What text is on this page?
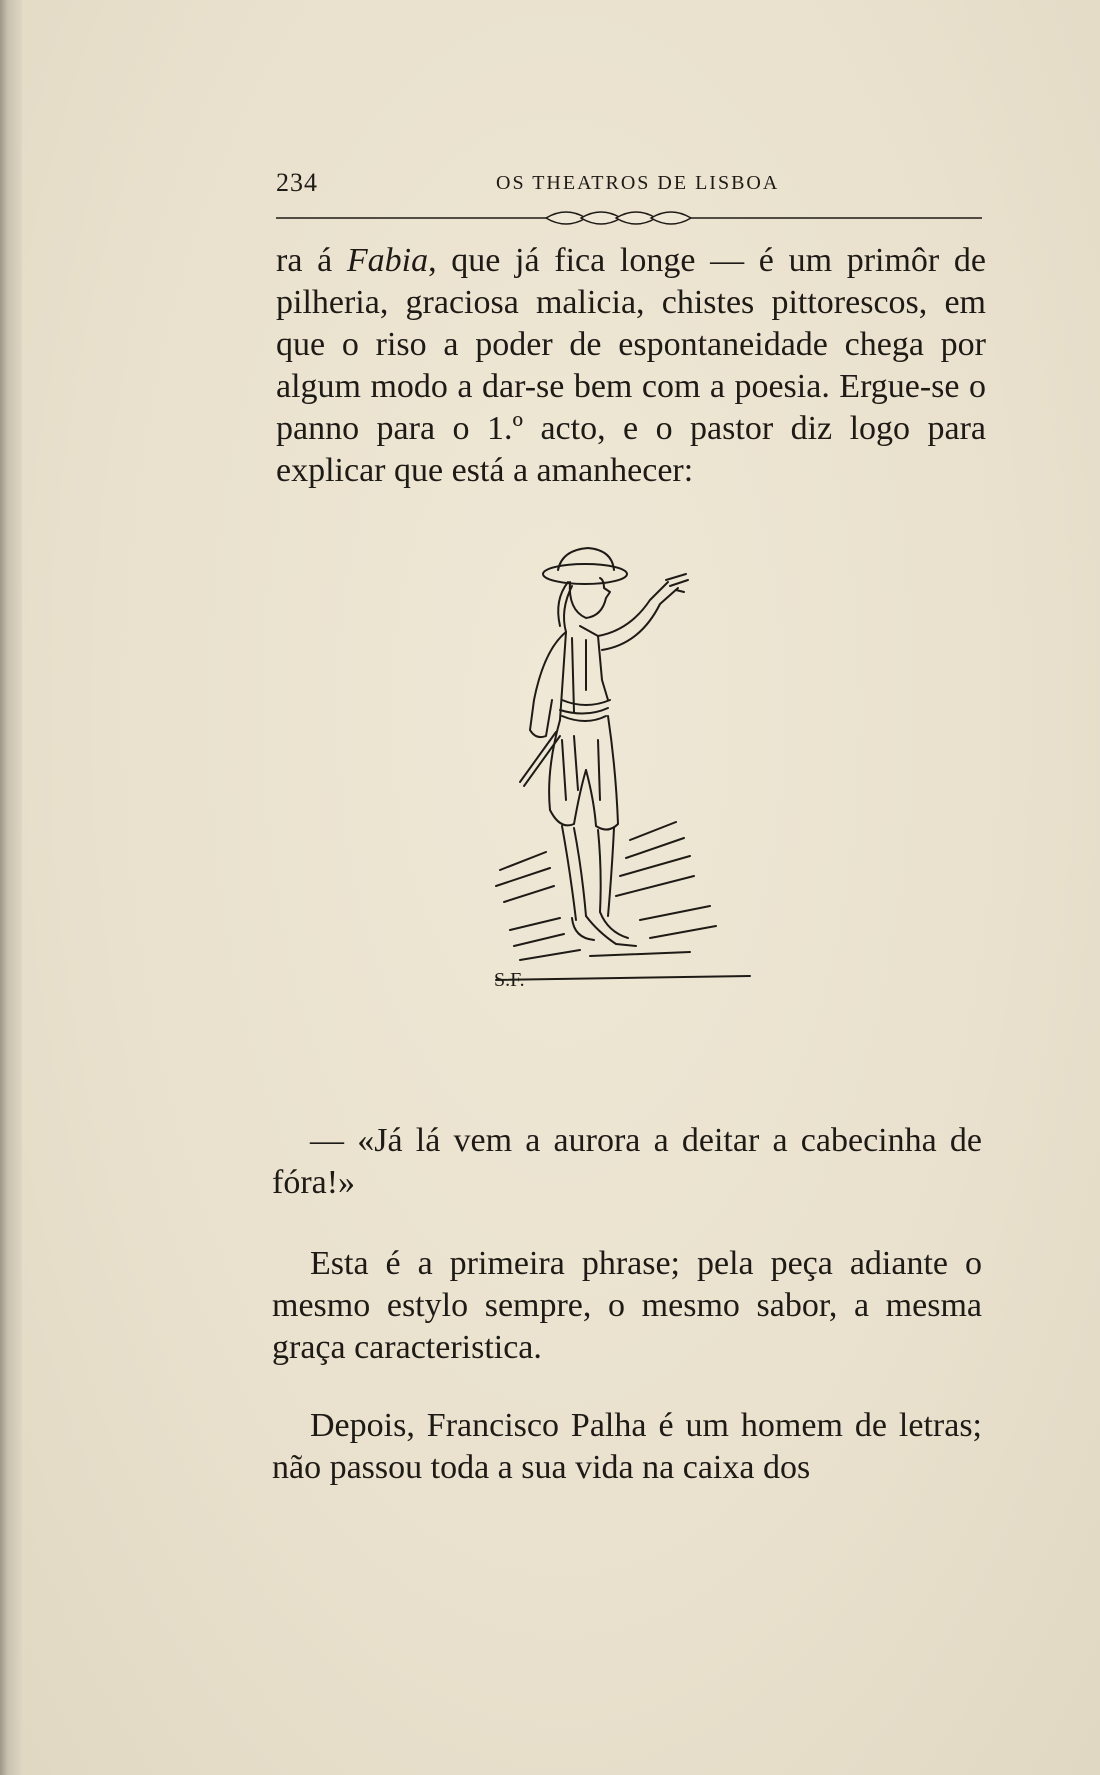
234	OS THEATROS DE LISBOA

ra á Fabia, que já fica longe — é um primôr de pilheria, graciosa malicia, chistes pittorescos, em que o riso a poder de espontaneidade chega por algum modo a dar-se bem com a poesia. Ergue-se o panno para o 1.º acto, e o pastor diz logo para explicar que está a amanhecer:

S.F.
— «Já lá vem a aurora a deitar a cabecinha de fóra!»
Esta é a primeira phrase; pela peça adiante o mesmo estylo sempre, o mesmo sabor, a mesma graça caracteristica.
Depois, Francisco Palha é um homem de letras; não passou toda a sua vida na caixa dos
